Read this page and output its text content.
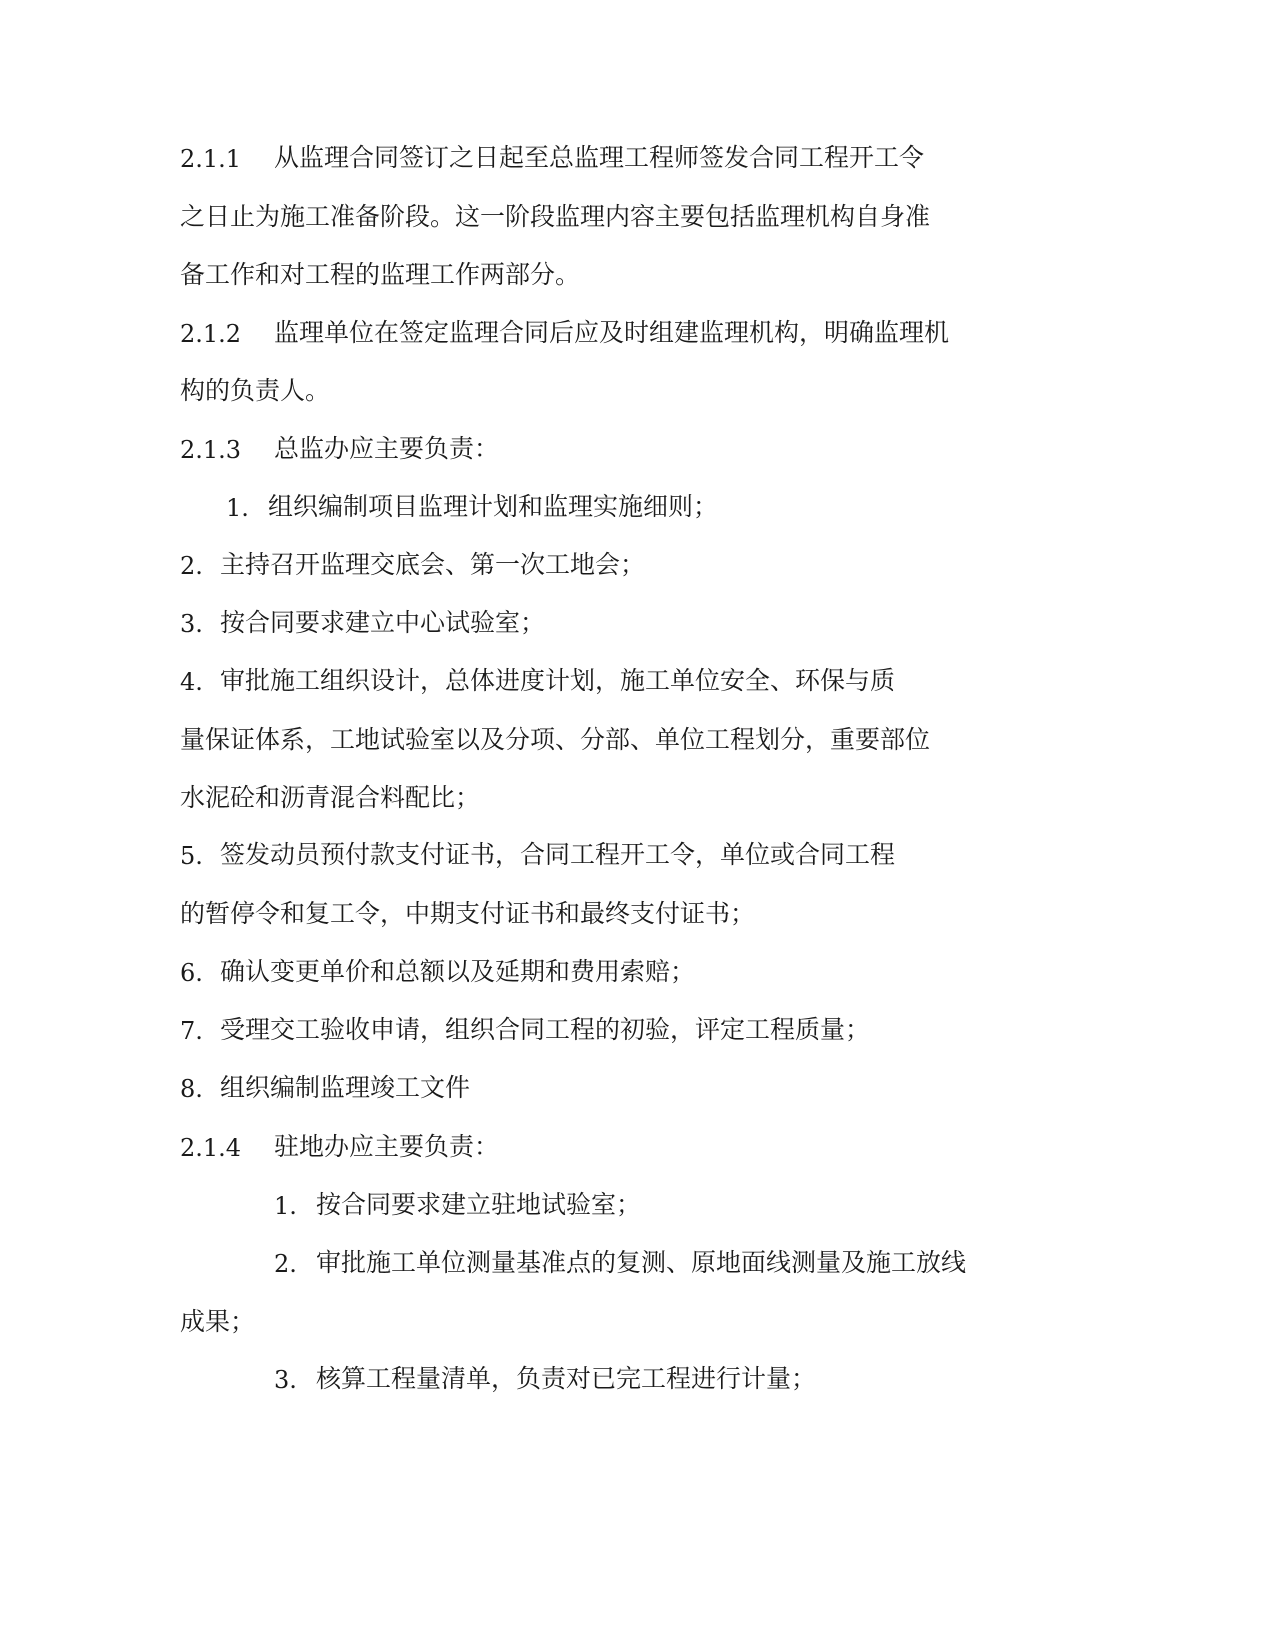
2.1.1 从监理合同签订之日起至总监理工程师签发合同工程开工令
之日止为施工准备阶段。这一阶段监理内容主要包括监理机构自身准
备工作和对工程的监理工作两部分。
2.1.2 监理单位在签定监理合同后应及时组建监理机构，明确监理机
构的负责人。
2.1.3 总监办应主要负责：
1. 组织编制项目监理计划和监理实施细则；
2. 主持召开监理交底会、第一次工地会；
3. 按合同要求建立中心试验室；
4. 审批施工组织设计，总体进度计划，施工单位安全、环保与质
量保证体系，工地试验室以及分项、分部、单位工程划分，重要部位
水泥砼和沥青混合料配比；
5. 签发动员预付款支付证书，合同工程开工令，单位或合同工程
的暂停令和复工令，中期支付证书和最终支付证书；
6. 确认变更单价和总额以及延期和费用索赔；
7. 受理交工验收申请，组织合同工程的初验，评定工程质量；
8. 组织编制监理竣工文件
2.1.4 驻地办应主要负责：
1. 按合同要求建立驻地试验室；
2. 审批施工单位测量基准点的复测、原地面线测量及施工放线
成果；
3. 核算工程量清单，负责对已完工程进行计量；
